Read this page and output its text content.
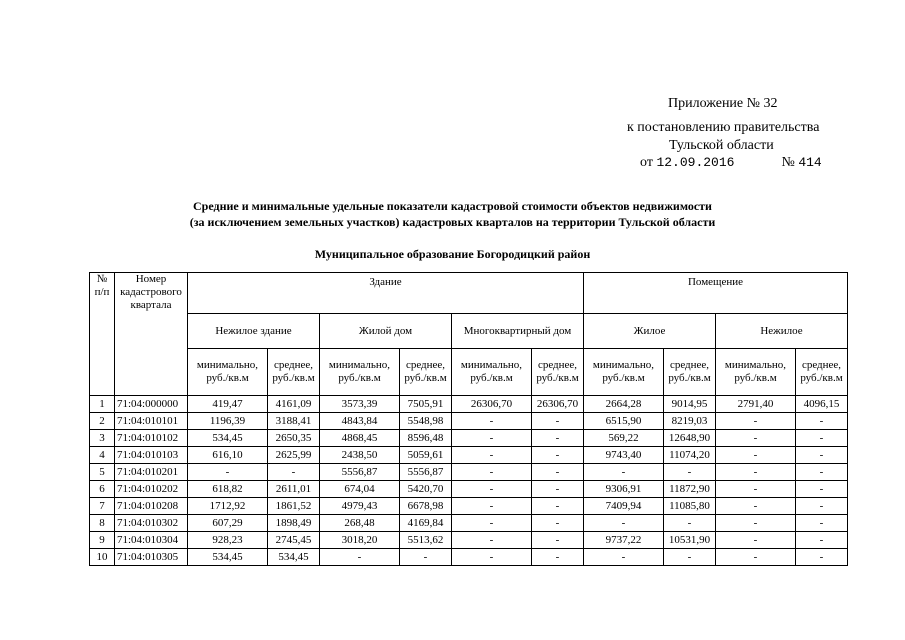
Приложение № 32
к постановлению правительства
Тульской области
от 12.09.2016	№ 414
Средние и минимальные удельные показатели кадастровой стоимости объектов недвижимости
(за исключением земельных участков) кадастровых кварталов на территории Тульской области
Муниципальное образование Богородицкий район
№ п/п	Номер кадастрового квартала	Здание						Помещение			
		Нежилое здание		Жилой дом		Многоквартирный дом		Жилое		Нежилое	
		минимально, руб./кв.м	среднее, руб./кв.м	минимально, руб./кв.м	среднее, руб./кв.м	минимально, руб./кв.м	среднее, руб./кв.м	минимально, руб./кв.м	среднее, руб./кв.м	минимально, руб./кв.м	среднее, руб./кв.м
1	71:04:000000	419,47	4161,09	3573,39	7505,91	26306,70	26306,70	2664,28	9014,95	2791,40	4096,15
2	71:04:010101	1196,39	3188,41	4843,84	5548,98	-	-	6515,90	8219,03	-	-
3	71:04:010102	534,45	2650,35	4868,45	8596,48	-	-	569,22	12648,90	-	-
4	71:04:010103	616,10	2625,99	2438,50	5059,61	-	-	9743,40	11074,20	-	-
5	71:04:010201	-	-	5556,87	5556,87	-	-	-	-	-	-
6	71:04:010202	618,82	2611,01	674,04	5420,70	-	-	9306,91	11872,90	-	-
7	71:04:010208	1712,92	1861,52	4979,43	6678,98	-	-	7409,94	11085,80	-	-
8	71:04:010302	607,29	1898,49	268,48	4169,84	-	-	-	-	-	-
9	71:04:010304	928,23	2745,45	3018,20	5513,62	-	-	9737,22	10531,90	-	-
10	71:04:010305	534,45	534,45	-	-	-	-	-	-	-	-
